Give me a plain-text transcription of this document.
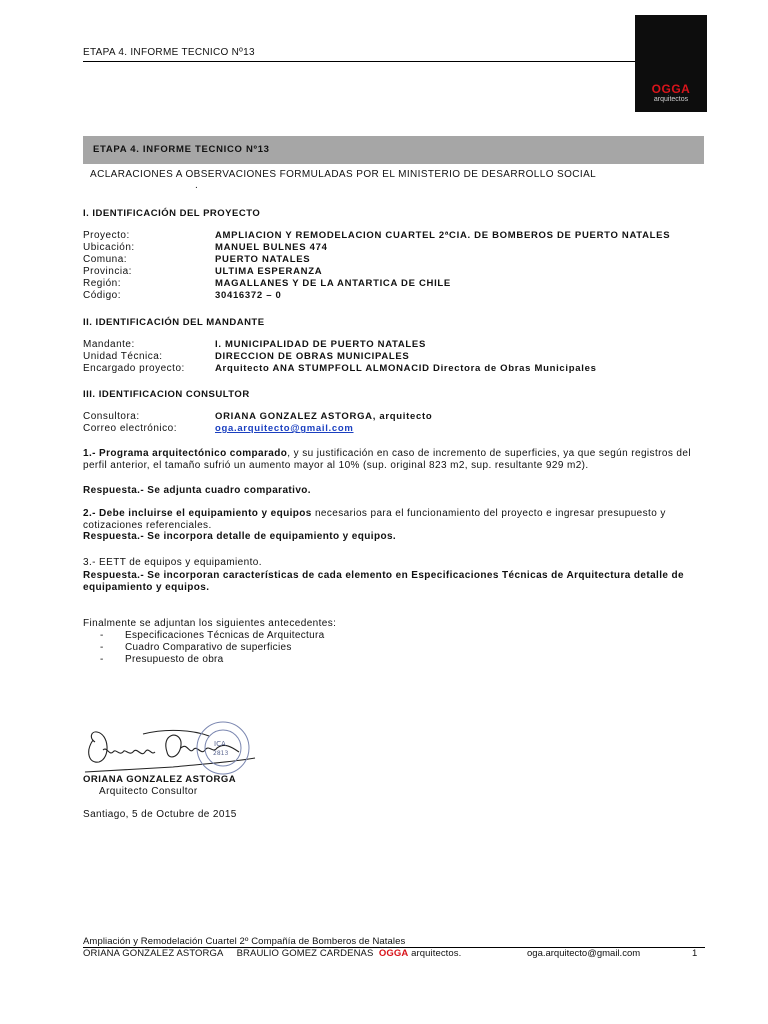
ETAPA 4. INFORME TECNICO Nº13
OGGA
arquitectos
ETAPA 4. INFORME TECNICO Nº13
ACLARACIONES A OBSERVACIONES FORMULADAS POR EL MINISTERIO DE DESARROLLO SOCIAL
.
I. IDENTIFICACIÓN DEL PROYECTO
Proyecto:	AMPLIACION Y REMODELACION CUARTEL 2ªCIA. DE BOMBEROS DE PUERTO NATALES
Ubicación:	MANUEL BULNES 474
Comuna:	PUERTO NATALES
Provincia:	ULTIMA ESPERANZA
Región:	MAGALLANES Y DE LA ANTARTICA DE CHILE
Código:	30416372 – 0
II. IDENTIFICACIÓN DEL MANDANTE
Mandante:	I. MUNICIPALIDAD DE PUERTO NATALES
Unidad Técnica:	DIRECCION DE OBRAS MUNICIPALES
Encargado proyecto:	Arquitecto ANA STUMPFOLL ALMONACID Directora de Obras Municipales
III. IDENTIFICACION CONSULTOR
Consultora:	ORIANA GONZALEZ ASTORGA, arquitecto
Correo electrónico:	oga.arquitecto@gmail.com
1.- Programa arquitectónico comparado, y su justificación en caso de incremento de superficies, ya que según registros del perfil anterior, el tamaño sufrió un aumento mayor al 10% (sup. original 823 m2, sup. resultante 929 m2).
Respuesta.- Se adjunta cuadro comparativo.
2.- Debe incluirse el equipamiento y equipos necesarios para el funcionamiento del proyecto e ingresar presupuesto y cotizaciones referenciales.
Respuesta.- Se incorpora detalle de equipamiento y equipos.
3.- EETT de equipos y equipamiento.
Respuesta.- Se incorporan características de cada elemento en Especificaciones Técnicas de Arquitectura detalle de equipamiento y equipos.
Finalmente se adjuntan los siguientes antecedentes:
-	Especificaciones Técnicas de Arquitectura
-	Cuadro Comparativo de superficies
-	Presupuesto de obra
ICA
2813
ORIANA GONZALEZ ASTORGA
Arquitecto Consultor
Santiago, 5 de Octubre de 2015
Ampliación y Remodelación Cuartel 2º Compañía de Bomberos de Natales
ORIANA GONZALEZ ASTORGA     BRAULIO GOMEZ CARDENAS  OGGA arquitectos.	oga.arquitecto@gmail.com	1
